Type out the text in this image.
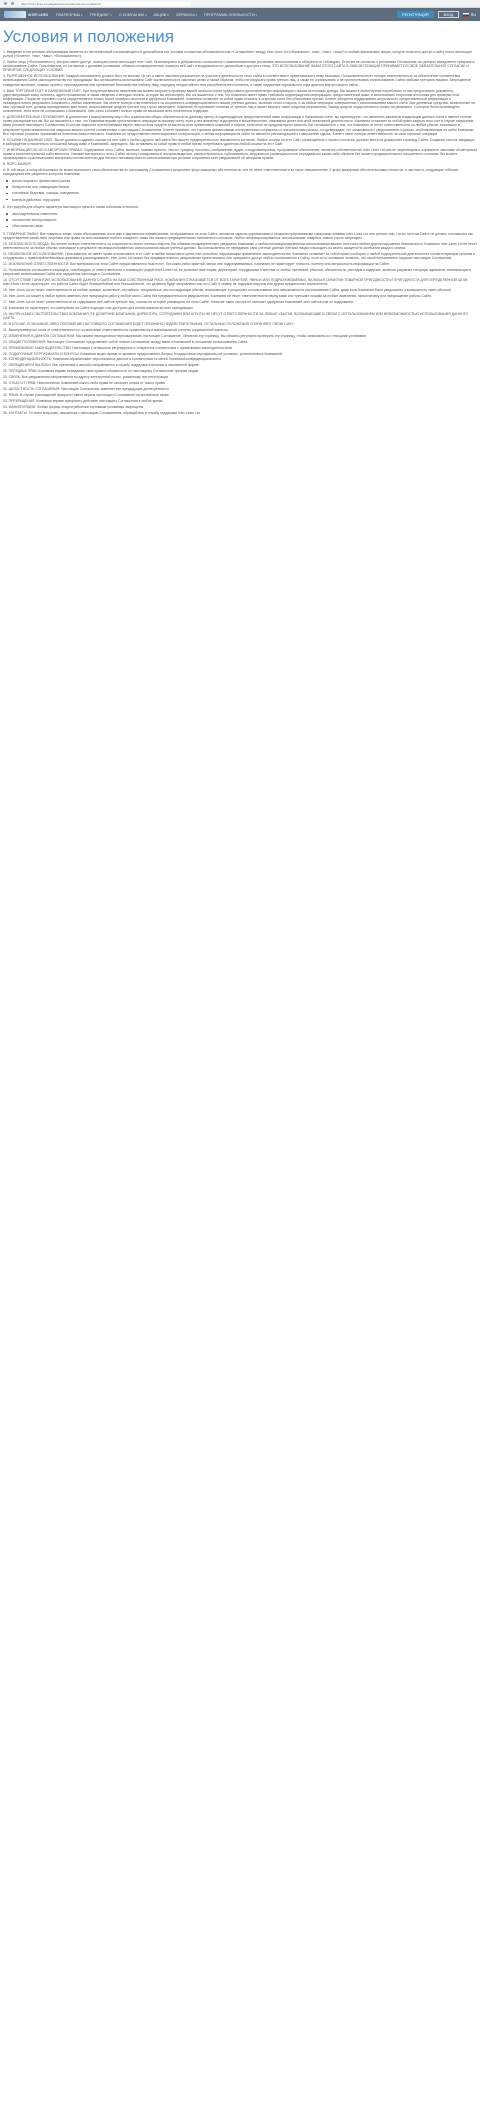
https://inter-lines.com/legal-documentation/terms-conditions/
INTER LINES ПЛАТФОРМЫ ▾	ТРЕЙДИНГ ▾	О КОМПАНИИ ▾	АКЦИИ ▾	СЕРВИСЫ ▾	ПРОГРАММА ЛОЯЛЬНОСТИ ▾	РЕГИСТРАЦИЯ	ВХОД	RU
Условия и положения

1. Введение в эти условия обслуживания является их неотъемлемой составляющей и в дальнейшем все условия положения обозначаются как «Соглашение» между Inter-Lines Ltd («Компания», «мы», «нас», «наш») и любым физическим лицом, которое получило доступ к сайту и/или использует услуги («Клиент», «вы», «ваш», «Пользователь»).

2. Любое лицо («Пользователь»), которое имеет доступ, посещает и/или использует этот Сайт, безоговорочно и добровольно соглашается с нижеизложенными условиями использования и обязуется их соблюдать. Если вы не согласны с условиями Соглашения, вы должны немедленно прекратить использование Сайта. Пользователи, не согласные с данными условиями, обязаны незамедлительно покинуть веб-сайт и воздержаться от дальнейшего доступа к нему. ЭТО ИСПОЛЬЗОВАНИЕ ВАМИ ЭТОГО САЙТА В ЛЮБОЙ ПОЗИЦИИ ПРИНИМАЕТСЯ СВОЕ ОБЯЗАТЕЛЬНОЕ СОГЛАСИЕ И ПРИНЯТИЕ СЛЕДУЮЩИХ УСЛОВИЙ.

3. РАЗРЕШЕННОЕ ИСПОЛЬЗОВАНИЕ: Каждый пользователь должен быть не моложе 18 лет и иметь законное разрешение на участие в деятельности этого сайта в соответствии с применимыми к нему законами. Пользователь несет полную ответственность за обеспечение соответствия использования Сайта законодательству его юрисдикции. Вы соглашаетесь использовать Сайт исключительно в законных целях и таким образом, чтобы не нарушать права третьих лиц, а также не ограничивать и не препятствовать использованию Сайта любыми третьими лицами. Запрещенное поведение включает, помимо прочего, преследование или причинение беспокойства любому лицу, передачу непристойного или оскорбительного контента, а также нарушение нормального хода диалога внутри нашего сайта.

4. ВАШ ТОРГОВЫЙ СЧЕТ И БАНКОВСКИЙ СЧЕТ: При получении вашего заявления мы можем запросить проверку вашей личности и/или предоставить дополнительную информацию о ваших источниках дохода. Мы можем в любое время потребовать от вас предоставить документы, удостоверяющие вашу личность, адрес проживания, а также сведения о методах оплаты, которые вы используете. Вы соглашаетесь с тем, что Компания имеет право требовать подтверждения информации, предоставленной вами, и использовать сторонние источники для проверки этой информации. Открытие торгового счета осуществляется только после проверки личности и одобрения Компанией. Компания оставляет за собой право отказать в открытии счета без объяснения причин. Клиент обязуется поддерживать актуальность предоставленной информации и незамедлительно уведомлять Компанию о любых изменениях. Вы несете полную ответственность за сохранность конфиденциальности ваших учетных данных, включая логин и пароль, и за любые операции, совершенные с использованием вашего счета. Все денежные средства, зачисленные на ваш торговый счет, должны принадлежать вам лично; использование средств третьих лиц строго запрещено. Компания не принимает платежи от третьих лиц и может вернуть такие средства отправителю. Вывод средств осуществляется только на реквизиты, с которых было произведено пополнение, если иное не согласовано с Компанией. Inter-Lines Ltd имеет полное право на взыскание всех понесенных издержек.

5. ДОПОЛНИТЕЛЬНЫЕ ПОЛОЖЕНИЯ: В дополнение к вышеупомянутому и без ограничения общих обязательств по данному пункту, в подтверждение предоставленной вами информации о банковском счете, вы гарантируете, что являетесь законным владельцем данного счета и имеете полное право распоряжаться им. Вы соглашаетесь с тем, что Компания вправе приостановить операции по вашему счету, если у нее возникнут подозрения в мошенничестве, отмывании денег или иной незаконной деятельности. Компания оставляет за собой право закрыть ваш счет в случае нарушения вами условий настоящего Соглашения. В случае закрытия счета Компания вернет вам остаток средств за вычетом всех применимых комиссий и сборов, если иное не предусмотрено законом. Вы соглашаетесь с тем, что Компания не несет ответственности за любые убытки, возникшие в результате приостановления или закрытия вашего счета в соответствии с настоящим Соглашением. Клиент признает, что торговля финансовыми инструментами сопряжена со значительным риском, и подтверждает, что ознакомился с уведомлением о рисках, опубликованным на сайте Компании. Все торговые решения принимаются Клиентом самостоятельно. Компания не предоставляет инвестиционных консультаций, и любая информация на сайте не является рекомендацией к совершению сделок. Клиент несет полную ответственность за свои торговые операции.

6. ССЫЛКИ НА ДАННЫЙ САЙТ: Вы не должны создавать ссылки на этот сайт с любого другого веб-сайта без нашего предварительного письменного согласия. Любые ссылки на этот Сайт, размещенные с нашего согласия, должны вести на домашнюю страницу Сайта. Создание ссылок, вводящих в заблуждение относительно отношений между вами и Компанией, запрещено. Мы оставляем за собой право в любое время потребовать удаления любой ссылки на этот Сайт.

7. ИНФОРМАЦИЯ ОБ ИС И АВТОРСКИХ ПРАВАХ: Содержимое этого Сайта, включая, помимо прочего, тексты, графику, логотипы, изображения, аудио- и видеоматериалы, программное обеспечение, является собственностью Inter-Lines Ltd или ее лицензиаров и охраняется законами об авторском праве и интеллектуальной собственности. Никакие материалы с этого Сайта не могут копироваться, воспроизводиться, распространяться, публиковаться, загружаться, размещаться или передаваться каким-либо образом без нашего предварительного письменного согласия. Вы можете просматривать и распечатывать материалы исключительно для личного некоммерческого использования при условии сохранения всех уведомлений об авторских правах.

8. ФОРС-МАЖОР:

А. В той мере, в которой Компания не может выполнить свои обязательства по настоящему Соглашению в результате форс-мажорных обстоятельств, она не несет ответственности за такое невыполнение. К форс-мажорным обстоятельствам относятся, в частности, следующие события, находящиеся вне разумного контроля Компании:

кризис мирового финансового рынка
банкротство или ликвидация банков
стихийные бедствия, пожары, наводнения
военные действия, терроризм

Б. Без ущерба для общего характера настоящего пункта к таким событиям относятся:

законодательные изменения
отключение электроэнергии
сбои каналов связи

9. ТОВАРНЫЕ ЗНАКИ: Все товарные знаки, знаки обслуживания, логотипы и фирменные наименования, отображаемые на этом Сайте, являются зарегистрированными и незарегистрированными товарными знаками Inter-Lines Ltd или третьих лиц. Ничто на этом Сайте не должно толковаться как предоставление какой-либо лицензии или права на использование любого товарного знака без нашего предварительного письменного согласия. Любое несанкционированное использование товарных знаков строго запрещено.

10. БЕЗОПАСНОСТЬ ВХОДА: Вы несете полную ответственность за сохранность своего логина и пароля. Вы обязаны незамедлительно уведомить Компанию о любом несанкционированном использовании вашего счета или любом другом нарушении безопасности. Компания Inter-Lines Ltd не несет ответственности за любые убытки, возникшие в результате несанкционированного использования ваших учетных данных. Вы соглашаетесь не передавать свои учетные данные третьим лицам и выходить из своего аккаунта по окончании каждого сеанса.

11. НЕЗАКОННОЕ ИСПОЛЬЗОВАНИЕ: Пользователь не имеет права использовать этот Сайт в любых незаконных целях или способом, нарушающим применимое законодательство. Компания оставляет за собой право сообщать о любой подозрительной деятельности соответствующим органам и сотрудничать с правоохранительными органами в расследованиях. Inter-Lines Ltd может без предварительного уведомления приостановить или прекратить доступ любого пользователя к Сайту, если есть основания полагать, что такой пользователь нарушил настоящее Соглашение.

12. ИСКЛЮЧЕНИЕ ОТВЕТСТВЕННОСТИ: Все материалы на этом Сайте предоставляются «как есть», без каких-либо гарантий, явных или подразумеваемых. Компания не гарантирует точность, полноту или актуальность информации на Сайте.

13. Пользователь соглашается защищать, освобождать от ответственности и возмещать ущерб Inter-Lines Ltd, ее должностным лицам, директорам, сотрудникам и агентам от любых претензий, убытков, обязательств, расходов и издержек, включая разумные гонорары адвокатов, возникающих в результате использования Сайта или нарушения настоящего Соглашения.

14. ОТСУТСТВИЕ ГАРАНТИЙ: ИСПОЛЬЗОВАНИЕ ДАННОГО САЙТА НА ВАШ СОБСТВЕННЫЙ РИСК. КОМПАНИЯ ОТКАЗЫВАЕТСЯ ОТ ВСЕХ ГАРАНТИЙ, ЯВНЫХ ИЛИ ПОДРАЗУМЕВАЕМЫХ, ВКЛЮЧАЯ ГАРАНТИИ ТОВАРНОЙ ПРИГОДНОСТИ И ПРИГОДНОСТИ ДЛЯ ОПРЕДЕЛЕННОЙ ЦЕЛИ. Inter-Lines Ltd не гарантирует, что работа Сайта будет бесперебойной или безошибочной, что дефекты будут исправлены или что Сайт и сервер не содержат вирусов или других вредоносных компонентов.

15. Inter-Lines Ltd не несет ответственности за любые прямые, косвенные, случайные, специальные или последующие убытки, возникающие в результате использования или невозможности использования Сайта, даже если Компания была уведомлена о возможности таких убытков.

16. Inter-Lines Ltd может в любое время изменять или прекращать работу любой части Сайта без предварительного уведомления. Компания не несет ответственности перед вами или третьими лицами за любые изменения, приостановку или прекращение работы Сайта.

17. Inter-Lines Ltd не несет ответственности за содержание веб-сайтов третьих лиц, ссылки на которые размещены на этом Сайте. Наличие таких ссылок не означает одобрения Компанией этих сайтов или их содержания.

18. Компания не гарантирует, что материалы на Сайте подходят или доступны для использования во всех юрисдикциях.

19. НИ ПРИ КАКИХ ОБСТОЯТЕЛЬСТВАХ КОМПАНИЯ, ЕЕ ДОЧЕРНИЕ КОМПАНИИ, ДИРЕКТОРА, СОТРУДНИКИ ИЛИ АГЕНТЫ НЕ НЕСУТ ОТВЕТСТВЕННОСТИ ЗА ЛЮБЫЕ УБЫТКИ, ВОЗНИКАЮЩИЕ В СВЯЗИ С ИСПОЛЬЗОВАНИЕМ ИЛИ НЕВОЗМОЖНОСТЬЮ ИСПОЛЬЗОВАНИЯ ДАННОГО САЙТА.

20. В СЛУЧАЕ, ЕСЛИ КАКОЕ-ЛИБО ПОЛОЖЕНИЕ НАСТОЯЩЕГО СОГЛАШЕНИЯ БУДЕТ ПРИЗНАНО НЕДЕЙСТВИТЕЛЬНЫМ, ОСТАЛЬНЫЕ ПОЛОЖЕНИЯ СОХРАНЯЮТ СВОЮ СИЛУ.

21. Вышеупомянутые отказ от ответственности и ограничение ответственности применяются в максимальной степени, разрешенной законом.

22. ИЗМЕНЕНИЯ В ДАННОМ СОГЛАШЕНИИ: Мы можем периодически пересматривать настоящее Соглашение, обновляя эту страницу. Вы обязаны регулярно проверять эту страницу, чтобы ознакомиться с текущими условиями.

23. ОБЩИЕ ПОЛОЖЕНИЯ: Настоящее Соглашение представляет собой полное соглашение между вами и Компанией в отношении использования Сайта.

24. ПРИМЕНИМОЕ ЗАКОНОДАТЕЛЬСТВО: Настоящее Соглашение регулируется и толкуется в соответствии с применимым законодательством.

25. ПОДАРОЧНЫЕ СЕРТИФИКАТЫ И БОНУСЫ: Компания может время от времени предоставлять бонусы и подарочные сертификаты на условиях, установленных Компанией.

26. КОНФИДЕНЦИАЛЬНОСТЬ: Компания обрабатывает персональные данные в соответствии со своей Политикой конфиденциальности.

27. ОБРАЩЕНИЯ И ЖАЛОБЫ: Все претензии и жалобы направляются в службу поддержки Компании в письменной форме.

28. ПЕРЕДАЧА ПРАВ: Компания вправе передавать свои права и обязанности по настоящему Соглашению третьим лицам.

29. СВЯЗЬ: Все уведомления направляются по адресу электронной почты, указанному при регистрации.

30. ОТКАЗ ОТ ПРАВ: Неисполнение Компанией какого-либо права не означает отказа от такого права.

31. ЦЕЛОСТНОСТЬ СОГЛАШЕНИЯ: Настоящее Соглашение заменяет все предыдущие договоренности.

32. ЯЗЫК: В случае расхождений приоритет имеет версия настоящего Соглашения на английском языке.

33. ПРЕКРАЩЕНИЕ: Компания вправе прекратить действие настоящего Соглашения в любое время.

34. МАНИПУЛЯЦИИ: Любые формы злоупотребления торговыми условиями запрещены.

35. КОНТАКТЫ: По всем вопросам, связанным с настоящим Соглашением, обращайтесь в службу поддержки Inter-Lines Ltd.
